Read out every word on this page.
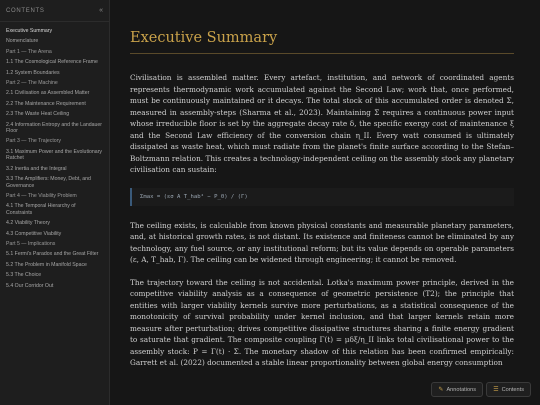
CONTENTS	«
Executive Summary
Nomenclature
Part 1 — The Arena
1.1 The Cosmological Reference Frame
1.2 System Boundaries
Part 2 — The Machine
2.1 Civilisation as Assembled Matter
2.2 The Maintenance Requirement
2.3 The Waste Heat Ceiling
2.4 Information Entropy and the Landauer Floor
Part 3 — The Trajectory
3.1 Maximum Power and the Evolutionary Ratchet
3.2 Inertia and the Integral
3.3 The Amplifiers: Money, Debt, and Governance
Part 4 — The Viability Problem
4.1 The Temporal Hierarchy of Constraints
4.2 Viability Theory
4.3 Competitive Viability
Part 5 — Implications
5.1 Fermi's Paradox and the Great Filter
5.2 The Problem in Manifold Space
5.3 The Choice
5.4 Our Corridor Out
Executive Summary

Civilisation is assembled matter. Every artefact, institution, and network of coordinated agents represents thermodynamic work accumulated against the Second Law; work that, once performed, must be continuously maintained or it decays. The total stock of this accumulated order is denoted Σ, measured in assembly-steps (Sharma et al., 2023). Maintaining Σ requires a continuous power input whose irreducible floor is set by the aggregate decay rate δ, the specific exergy cost of maintenance ξ and the Second Law efficiency of the conversion chain η_II. Every watt consumed is ultimately dissipated as waste heat, which must radiate from the planet's finite surface according to the Stefan–Boltzmann relation. This creates a technology-independent ceiling on the assembly stock any planetary civilisation can sustain:

Σmax = (εσ A T_hab⁴ − P_0) / (Γ)

The ceiling exists, is calculable from known physical constants and measurable planetary parameters, and, at historical growth rates, is not distant. Its existence and finiteness cannot be eliminated by any technology, any fuel source, or any institutional reform; but its value depends on operable parameters (ε, A, T_hab, Γ). The ceiling can be widened through engineering; it cannot be removed.

The trajectory toward the ceiling is not accidental. Lotka's maximum power principle, derived in the competitive viability analysis as a consequence of geometric persistence (T2); the principle that entities with larger viability kernels survive more perturbations, as a statistical consequence of the monotonicity of survival probability under kernel inclusion, and that larger kernels retain more measure after perturbation; drives competitive dissipative structures sharing a finite energy gradient to saturate that gradient. The composite coupling Γ(t) = μδξ/η_II links total civilisational power to the assembly stock: P = Γ(t) · Σ. The monetary shadow of this relation has been confirmed empirically: Garrett et al. (2022) documented a stable linear proportionality between global energy consumption

✎ Annotations	☰ Contents
